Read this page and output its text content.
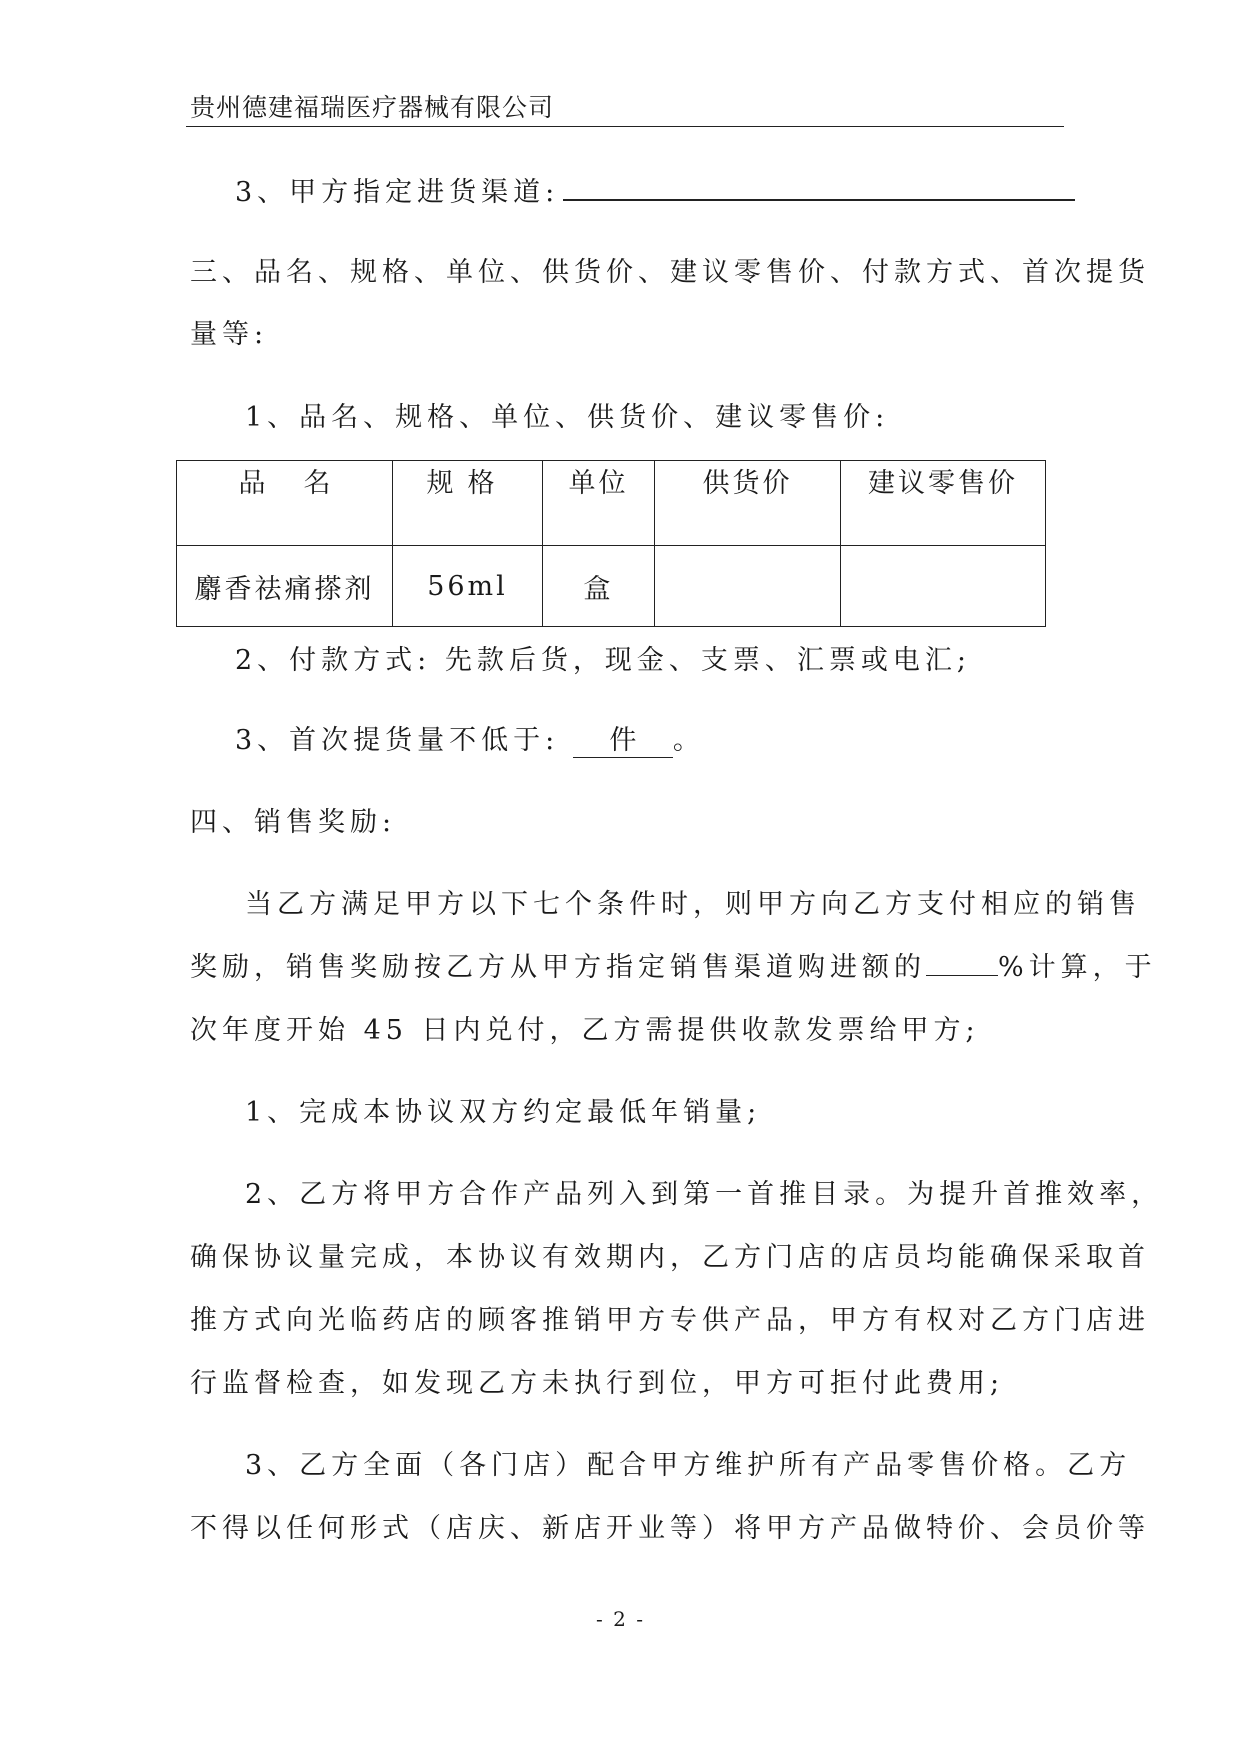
贵州德建福瑞医疗器械有限公司
3、甲方指定进货渠道:
三、品名、规格、单位、供货价、建议零售价、付款方式、首次提货
量等:
1、品名、规格、单位、供货价、建议零售价:
品名	规格	单位	供货价	建议零售价
麝香祛痛搽剂	56ml	盒		
2、付款方式: 先款后货，现金、支票、汇票或电汇;
3、首次提货量不低于: 件 。
四、销售奖励:
当乙方满足甲方以下七个条件时，则甲方向乙方支付相应的销售
奖励，销售奖励按乙方从甲方指定销售渠道购进额的	%计算，于
次年度开始 45 日内兑付，乙方需提供收款发票给甲方;
1、完成本协议双方约定最低年销量;
2、乙方将甲方合作产品列入到第一首推目录。为提升首推效率，
确保协议量完成，本协议有效期内，乙方门店的店员均能确保采取首
推方式向光临药店的顾客推销甲方专供产品，甲方有权对乙方门店进
行监督检查，如发现乙方未执行到位，甲方可拒付此费用;
3、乙方全面（各门店）配合甲方维护所有产品零售价格。乙方
不得以任何形式（店庆、新店开业等）将甲方产品做特价、会员价等
- 2 -
